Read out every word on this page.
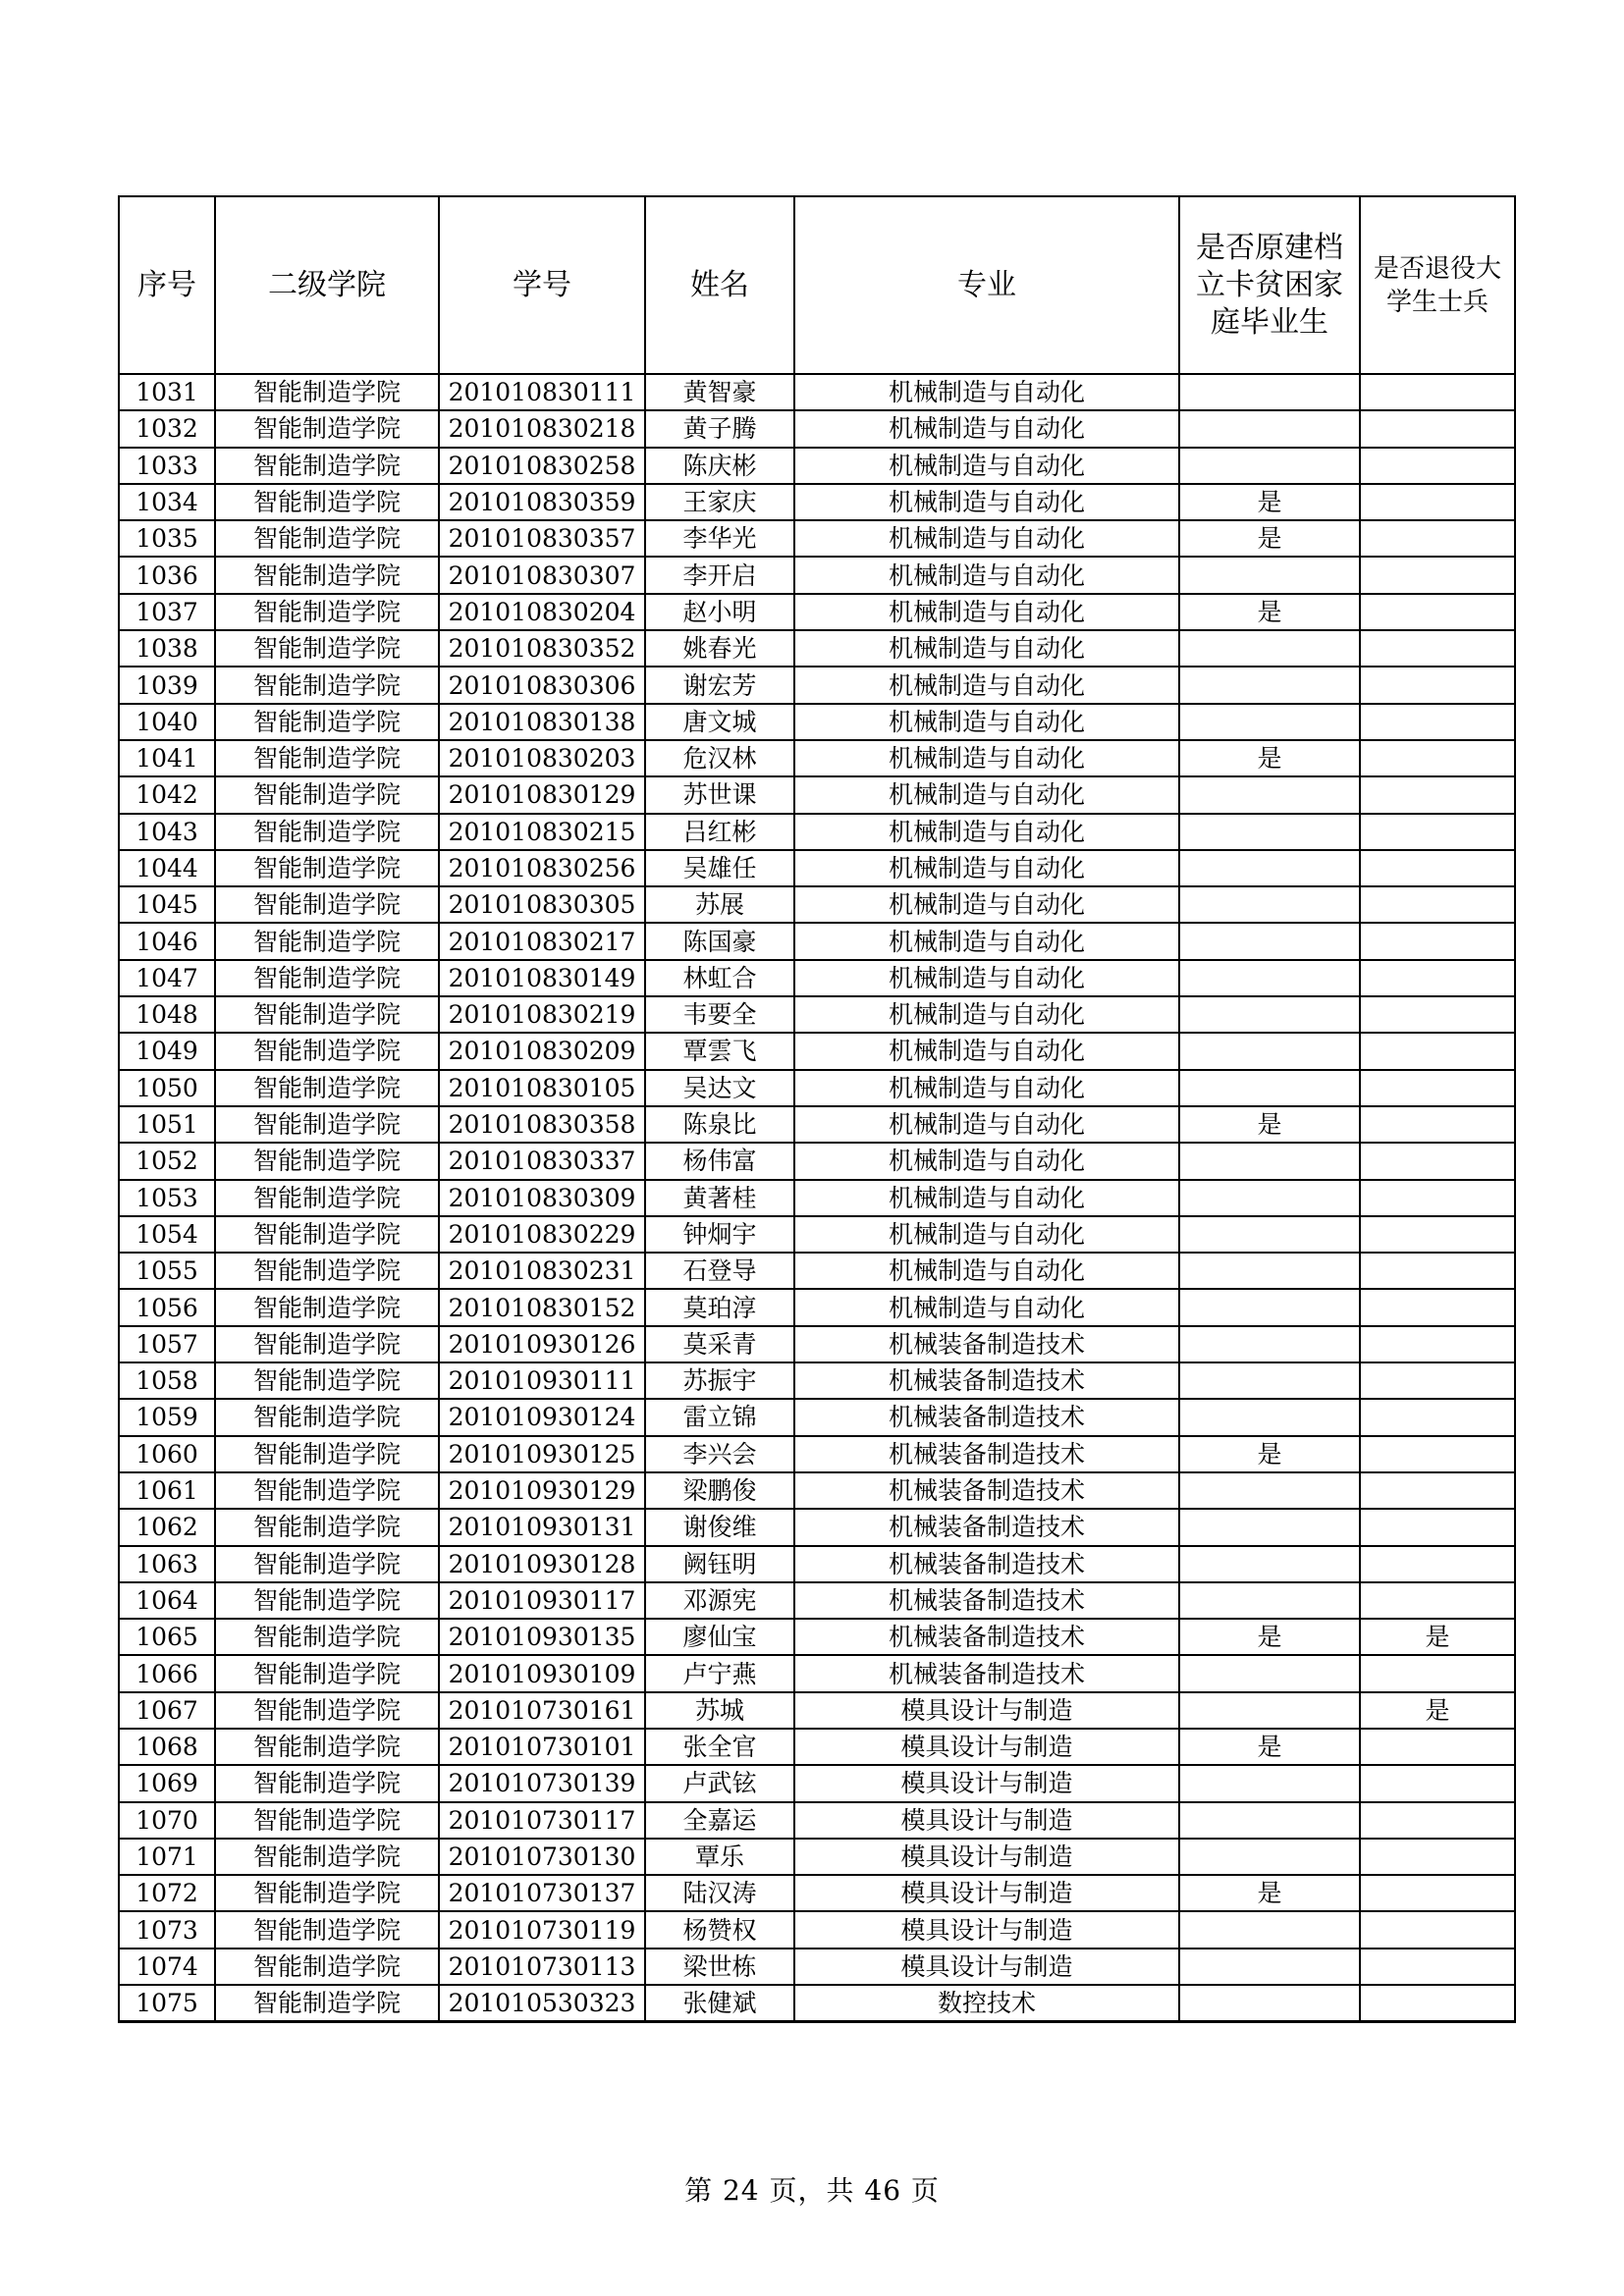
序号	二级学院	学号	姓名	专业	是否原建档立卡贫困家庭毕业生	是否退役大学生士兵
1031	智能制造学院	201010830111	黄智豪	机械制造与自动化		
1032	智能制造学院	201010830218	黄子腾	机械制造与自动化		
1033	智能制造学院	201010830258	陈庆彬	机械制造与自动化		
1034	智能制造学院	201010830359	王家庆	机械制造与自动化	是	
1035	智能制造学院	201010830357	李华光	机械制造与自动化	是	
1036	智能制造学院	201010830307	李开启	机械制造与自动化		
1037	智能制造学院	201010830204	赵小明	机械制造与自动化	是	
1038	智能制造学院	201010830352	姚春光	机械制造与自动化		
1039	智能制造学院	201010830306	谢宏芳	机械制造与自动化		
1040	智能制造学院	201010830138	唐文城	机械制造与自动化		
1041	智能制造学院	201010830203	危汉林	机械制造与自动化	是	
1042	智能制造学院	201010830129	苏世课	机械制造与自动化		
1043	智能制造学院	201010830215	吕红彬	机械制造与自动化		
1044	智能制造学院	201010830256	吴雄任	机械制造与自动化		
1045	智能制造学院	201010830305	苏展	机械制造与自动化		
1046	智能制造学院	201010830217	陈国豪	机械制造与自动化		
1047	智能制造学院	201010830149	林虹合	机械制造与自动化		
1048	智能制造学院	201010830219	韦要全	机械制造与自动化		
1049	智能制造学院	201010830209	覃雲飞	机械制造与自动化		
1050	智能制造学院	201010830105	吴达文	机械制造与自动化		
1051	智能制造学院	201010830358	陈泉比	机械制造与自动化	是	
1052	智能制造学院	201010830337	杨伟富	机械制造与自动化		
1053	智能制造学院	201010830309	黄著桂	机械制造与自动化		
1054	智能制造学院	201010830229	钟炯宇	机械制造与自动化		
1055	智能制造学院	201010830231	石登导	机械制造与自动化		
1056	智能制造学院	201010830152	莫珀淳	机械制造与自动化		
1057	智能制造学院	201010930126	莫采青	机械装备制造技术		
1058	智能制造学院	201010930111	苏振宇	机械装备制造技术		
1059	智能制造学院	201010930124	雷立锦	机械装备制造技术		
1060	智能制造学院	201010930125	李兴会	机械装备制造技术	是	
1061	智能制造学院	201010930129	梁鹏俊	机械装备制造技术		
1062	智能制造学院	201010930131	谢俊维	机械装备制造技术		
1063	智能制造学院	201010930128	阙钰明	机械装备制造技术		
1064	智能制造学院	201010930117	邓源宪	机械装备制造技术		
1065	智能制造学院	201010930135	廖仙宝	机械装备制造技术	是	是
1066	智能制造学院	201010930109	卢宁燕	机械装备制造技术		
1067	智能制造学院	201010730161	苏城	模具设计与制造		是
1068	智能制造学院	201010730101	张全官	模具设计与制造	是	
1069	智能制造学院	201010730139	卢武铉	模具设计与制造		
1070	智能制造学院	201010730117	全嘉运	模具设计与制造		
1071	智能制造学院	201010730130	覃乐	模具设计与制造		
1072	智能制造学院	201010730137	陆汉涛	模具设计与制造	是	
1073	智能制造学院	201010730119	杨赞权	模具设计与制造		
1074	智能制造学院	201010730113	梁世栋	模具设计与制造		
1075	智能制造学院	201010530323	张健斌	数控技术		
第 24 页，共 46 页
